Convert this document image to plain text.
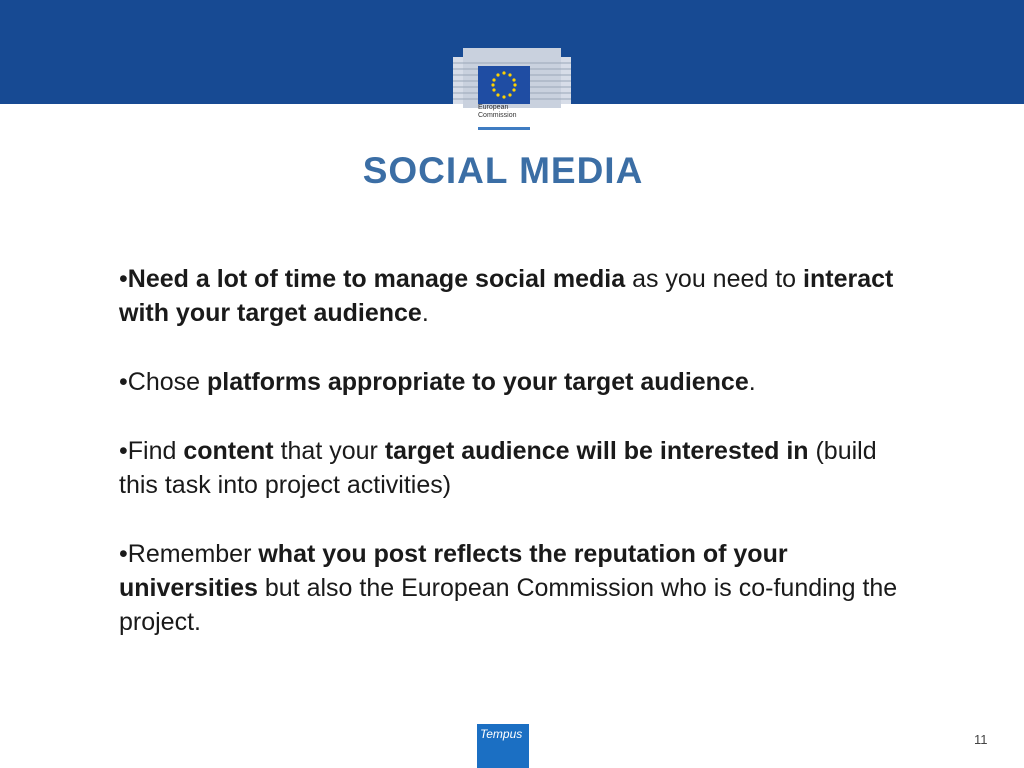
European
Commission
SOCIAL MEDIA
•Need a lot of time to manage social media as you need to interact with your target audience.
•Chose platforms appropriate to your target audience.
•Find content that your target audience will be interested in (build this task into project activities)
•Remember what you post reflects the reputation of your universities but also the European Commission who is co-funding the project.
Tempus	11
